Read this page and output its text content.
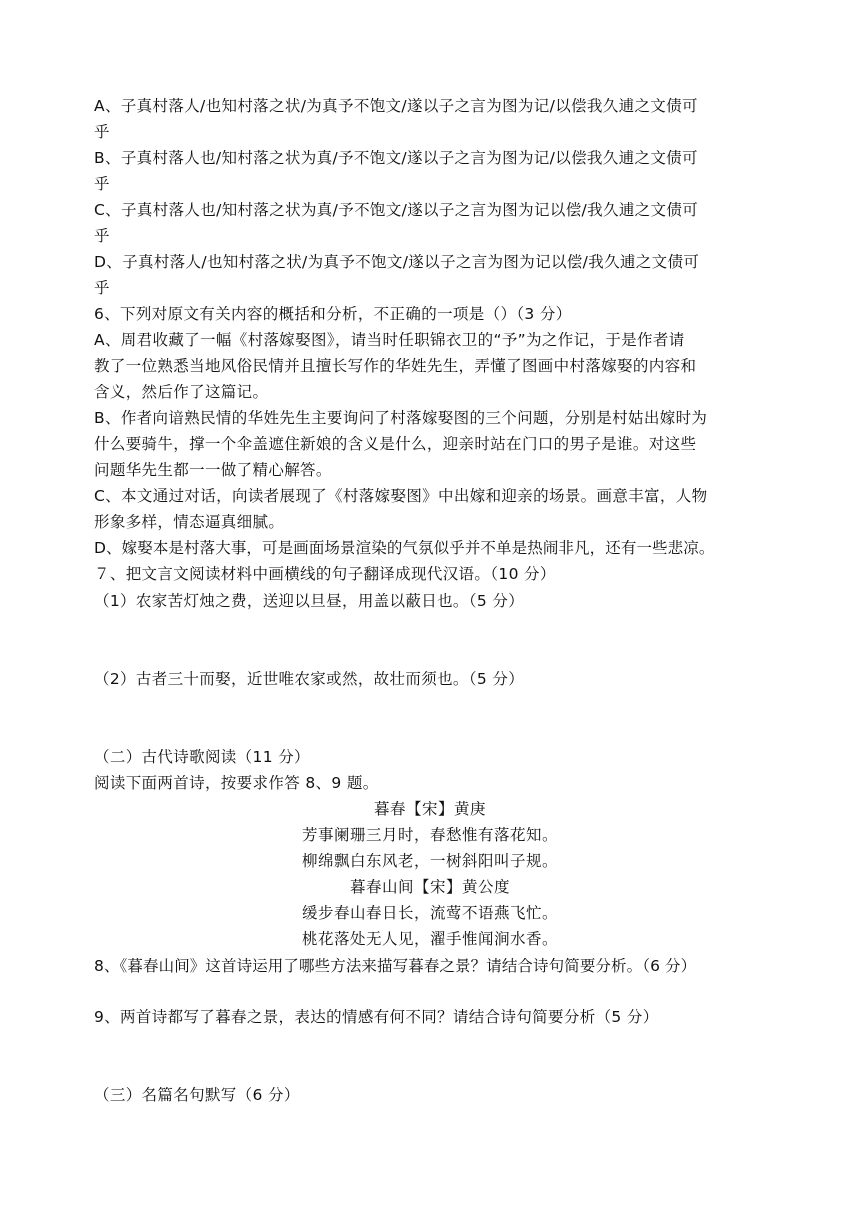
A、子真村落人/也知村落之状/为真予不饱文/遂以子之言为图为记/以偿我久逋之文债可
乎
B、子真村落人也/知村落之状为真/予不饱文/遂以子之言为图为记/以偿我久逋之文债可
乎
C、子真村落人也/知村落之状为真/予不饱文/遂以子之言为图为记以偿/我久逋之文债可
乎
D、子真村落人/也知村落之状/为真予不饱文/遂以子之言为图为记以偿/我久逋之文债可
乎
6、下列对原文有关内容的概括和分析，不正确的一项是（）（3 分）
A、周君收藏了一幅《村落嫁娶图》，请当时任职锦衣卫的“予”为之作记，于是作者请
教了一位熟悉当地风俗民情并且擅长写作的华姓先生，弄懂了图画中村落嫁娶的内容和
含义，然后作了这篇记。
B、作者向谙熟民情的华姓先生主要询问了村落嫁娶图的三个问题，分别是村姑出嫁时为
什么要骑牛，撑一个伞盖遮住新娘的含义是什么，迎亲时站在门口的男子是谁。对这些
问题华先生都一一做了精心解答。
C、本文通过对话，向读者展现了《村落嫁娶图》中出嫁和迎亲的场景。画意丰富，人物
形象多样，情态逼真细腻。
D、嫁娶本是村落大事，可是画面场景渲染的气氛似乎并不单是热闹非凡，还有一些悲凉。
７、把文言文阅读材料中画横线的句子翻译成现代汉语。（10 分）
（1）农家苦灯烛之费，送迎以旦昼，用盖以蔽日也。（5 分）
（2）古者三十而娶，近世唯农家或然，故壮而须也。（5 分）
（二）古代诗歌阅读（11 分）
阅读下面两首诗，按要求作答 8、9 题。
暮春【宋】黄庚
芳事阑珊三月时，春愁惟有落花知。
柳绵飘白东风老，一树斜阳叫子规。
暮春山间【宋】黄公度
缓步春山春日长，流莺不语燕飞忙。
桃花落处无人见，濯手惟闻涧水香。
8、《暮春山间》这首诗运用了哪些方法来描写暮春之景？请结合诗句简要分析。（6 分）
9、两首诗都写了暮春之景，表达的情感有何不同？请结合诗句简要分析（5 分）
（三）名篇名句默写（6 分）
